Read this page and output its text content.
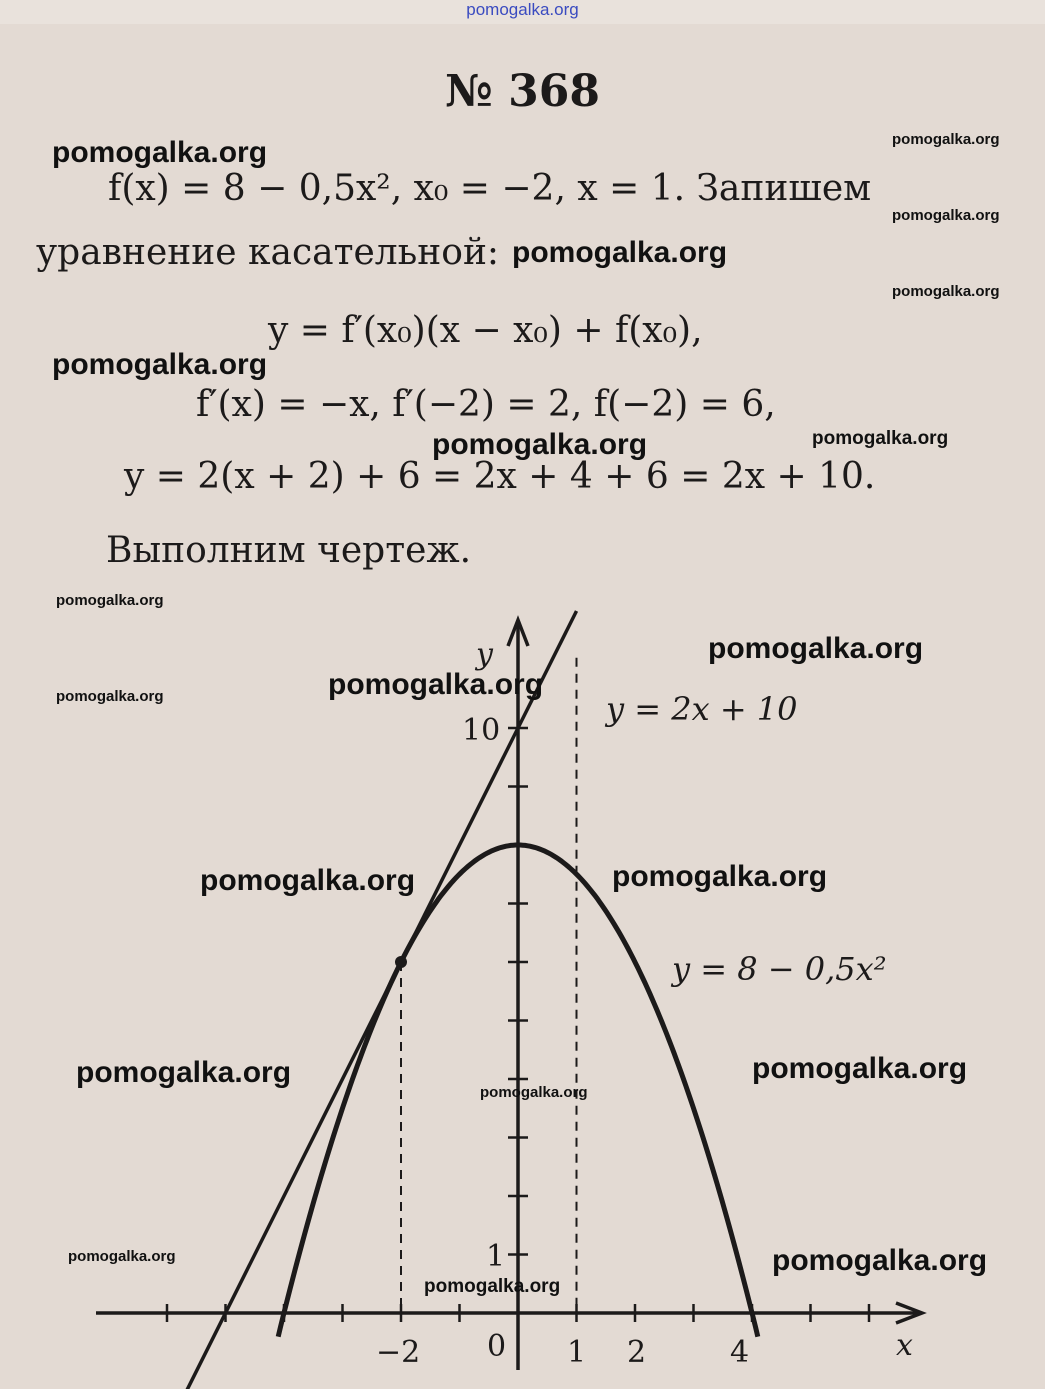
pomogalka.org
№ 368
f(x) = 8 − 0,5x², x₀ = −2, x = 1. Запишем
уравнение касательной:
y = f′(x₀)(x − x₀) + f(x₀),
f′(x) = −x, f′(−2) = 2, f(−2) = 6,
y = 2(x + 2) + 6 = 2x + 4 + 6 = 2x + 10.
Выполним чертеж.
y
x
10
1
−2 0 1 2	4
y = 2x + 10
y = 8 − 0,5x²
pomogalka.org	pomogalka.org
pomogalka.org
pomogalka.org
pomogalka.org
pomogalka.org
pomogalka.org	pomogalka.org
pomogalka.org
pomogalka.org
pomogalka.org
pomogalka.org
pomogalka.org
pomogalka.org
pomogalka.org
pomogalka.org
pomogalka.org
pomogalka.org	pomogalka.org
pomogalka.org
